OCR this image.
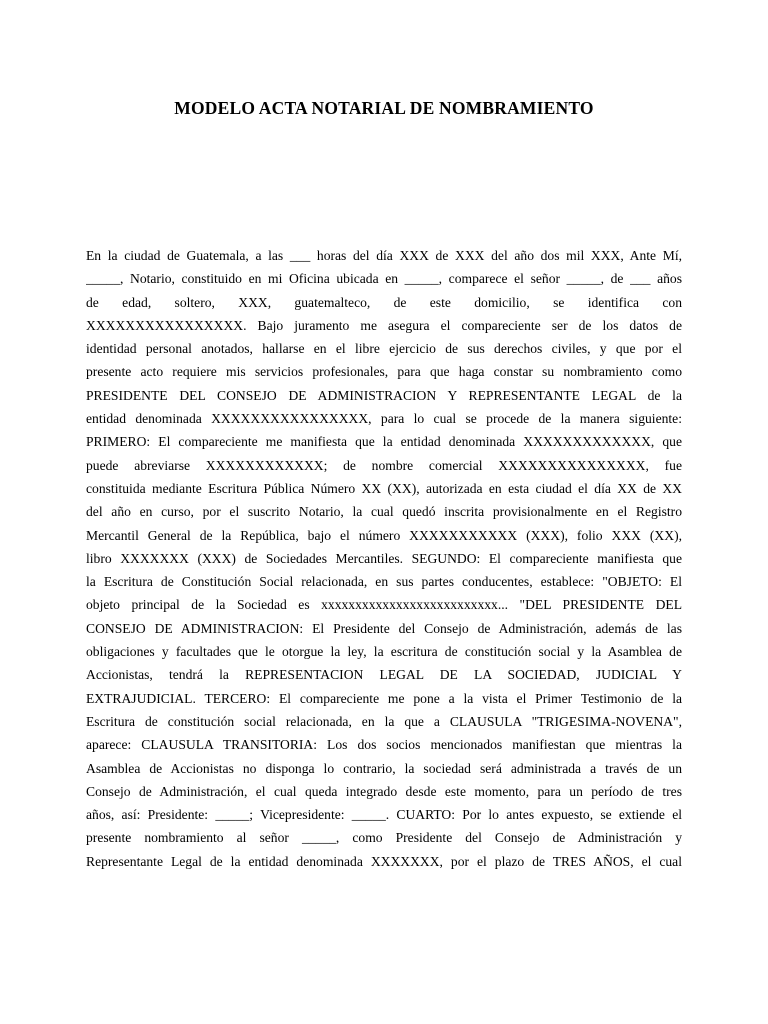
MODELO ACTA NOTARIAL DE NOMBRAMIENTO
En la ciudad de Guatemala, a las ___ horas del día XXX de XXX del año dos mil XXX, Ante Mí,
_____, Notario, constituido en mi Oficina ubicada en _____, comparece el señor _____, de ___ años
de edad, soltero, XXX, guatemalteco, de este domicilio, se identifica con
XXXXXXXXXXXXXXXX. Bajo juramento me asegura el compareciente ser de los datos de
identidad personal anotados, hallarse en el libre ejercicio de sus derechos civiles, y que por el
presente acto requiere mis servicios profesionales, para que haga constar su nombramiento como
PRESIDENTE DEL CONSEJO DE ADMINISTRACION Y REPRESENTANTE LEGAL de la
entidad denominada XXXXXXXXXXXXXXXX, para lo cual se procede de la manera siguiente:
PRIMERO: El compareciente me manifiesta que la entidad denominada XXXXXXXXXXXXX, que
puede abreviarse XXXXXXXXXXXX; de nombre comercial XXXXXXXXXXXXXXX, fue
constituida mediante Escritura Pública Número XX (XX), autorizada en esta ciudad el día XX de XX
del año en curso, por el suscrito Notario, la cual quedó inscrita provisionalmente en el Registro
Mercantil General de la República, bajo el número XXXXXXXXXXX (XXX), folio XXX (XX),
libro XXXXXXX (XXX) de Sociedades Mercantiles. SEGUNDO: El compareciente manifiesta que
la Escritura de Constitución Social relacionada, en sus partes conducentes, establece: "OBJETO: El
objeto principal de la Sociedad es xxxxxxxxxxxxxxxxxxxxxxxxxx... "DEL PRESIDENTE DEL
CONSEJO DE ADMINISTRACION: El Presidente del Consejo de Administración, además de las
obligaciones y facultades que le otorgue la ley, la escritura de constitución social y la Asamblea de
Accionistas, tendrá la REPRESENTACION LEGAL DE LA SOCIEDAD, JUDICIAL Y
EXTRAJUDICIAL. TERCERO: El compareciente me pone a la vista el Primer Testimonio de la
Escritura de constitución social relacionada, en la que a CLAUSULA "TRIGESIMA-NOVENA",
aparece: CLAUSULA TRANSITORIA: Los dos socios mencionados manifiestan que mientras la
Asamblea de Accionistas no disponga lo contrario, la sociedad será administrada a través de un
Consejo de Administración, el cual queda integrado desde este momento, para un período de tres
años, así: Presidente: _____; Vicepresidente: _____. CUARTO: Por lo antes expuesto, se extiende el
presente nombramiento al señor _____, como Presidente del Consejo de Administración y
Representante Legal de la entidad denominada XXXXXXX, por el plazo de TRES AÑOS, el cual
